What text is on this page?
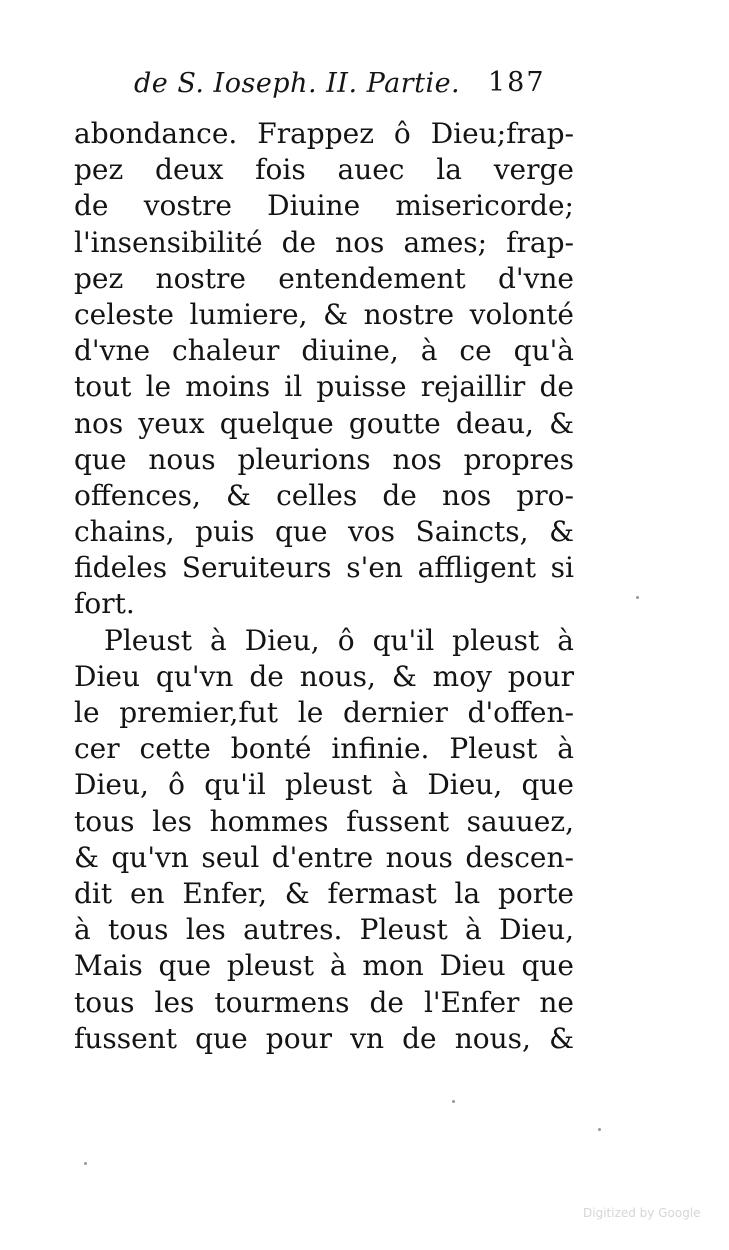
de S. Ioseph. II. Partie. 187
abondance. Frappez ô Dieu;frap-
pez deux fois auec la verge
de vostre Diuine misericorde;
l'insensibilité de nos ames; frap-
pez nostre entendement d'vne
celeste lumiere, & nostre volonté
d'vne chaleur diuine, à ce qu'à
tout le moins il puisse rejaillir de
nos yeux quelque goutte deau, &
que nous pleurions nos propres
offences, & celles de nos pro-
chains, puis que vos Saincts, &
fideles Seruiteurs s'en affligent si
fort.
Pleust à Dieu, ô qu'il pleust à
Dieu qu'vn de nous, & moy pour
le premier,fut le dernier d'offen-
cer cette bonté infinie. Pleust à
Dieu, ô qu'il pleust à Dieu, que
tous les hommes fussent sauuez,
& qu'vn seul d'entre nous descen-
dit en Enfer, & fermast la porte
à tous les autres. Pleust à Dieu,
Mais que pleust à mon Dieu que
tous les tourmens de l'Enfer ne
fussent que pour vn de nous, &
Digitized by Google
